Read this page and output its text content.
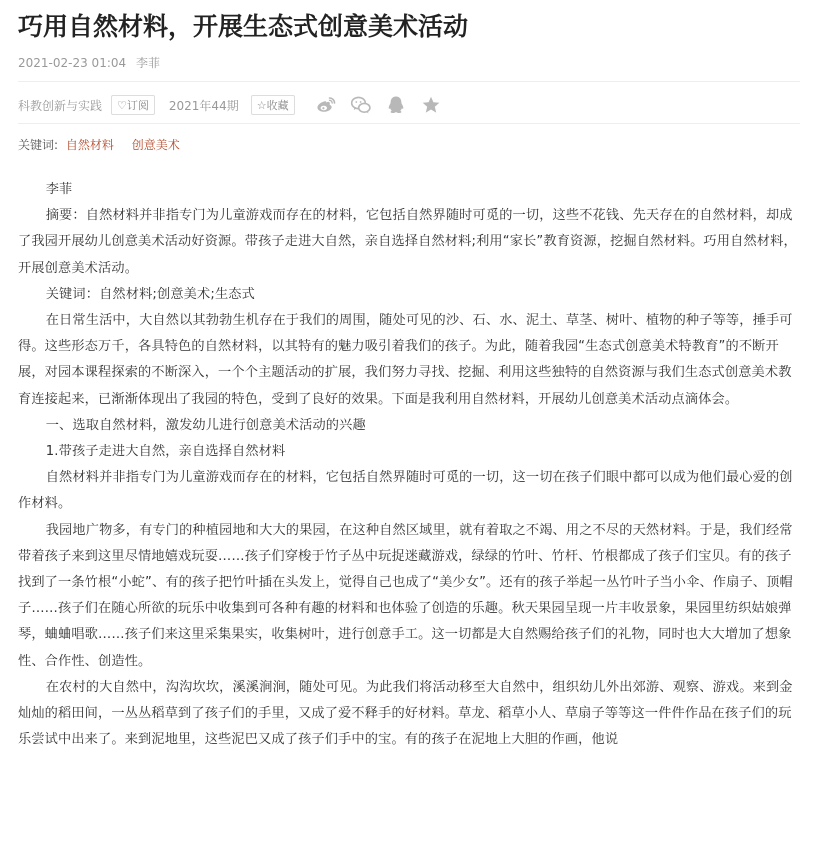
巧用自然材料，开展生态式创意美术活动
2021-02-23 01:04 李菲
科教创新与实践	♡订阅	2021年44期	☆收藏
关键词: 自然材料 创意美术

李菲

摘要：自然材料并非指专门为儿童游戏而存在的材料，它包括自然界随时可觅的一切，这些不花钱、先天存在的自然材料，却成了我园开展幼儿创意美术活动好资源。带孩子走进大自然，亲自选择自然材料;利用“家长”教育资源，挖掘自然材料。巧用自然材料，开展创意美术活动。

关键词：自然材料;创意美术;生态式

在日常生活中，大自然以其勃勃生机存在于我们的周围，随处可见的沙、石、水、泥土、草茎、树叶、植物的种子等等，捶手可得。这些形态万千，各具特色的自然材料，以其特有的魅力吸引着我们的孩子。为此，随着我园“生态式创意美术特教育”的不断开展，对园本课程探索的不断深入，一个个主题活动的扩展，我们努力寻找、挖掘、利用这些独特的自然资源与我们生态式创意美术教育连接起来，已渐渐体现出了我园的特色，受到了良好的效果。下面是我利用自然材料，开展幼儿创意美术活动点滴体会。

一、选取自然材料，激发幼儿进行创意美术活动的兴趣

1.带孩子走进大自然，亲自选择自然材料

自然材料并非指专门为儿童游戏而存在的材料，它包括自然界随时可觅的一切，这一切在孩子们眼中都可以成为他们最心爱的创作材料。

我园地广物多，有专门的种植园地和大大的果园，在这种自然区域里，就有着取之不竭、用之不尽的天然材料。于是，我们经常带着孩子来到这里尽情地嬉戏玩耍……孩子们穿梭于竹子丛中玩捉迷藏游戏，绿绿的竹叶、竹杆、竹根都成了孩子们宝贝。有的孩子找到了一条竹根“小蛇”、有的孩子把竹叶插在头发上，觉得自己也成了“美少女”。还有的孩子举起一丛竹叶子当小伞、作扇子、顶帽子……孩子们在随心所欲的玩乐中收集到可各种有趣的材料和也体验了创造的乐趣。秋天果园呈现一片丰收景象，果园里纺织姑娘弹琴，蛐蛐唱歌……孩子们来这里采集果实，收集树叶，进行创意手工。这一切都是大自然赐给孩子们的礼物，同时也大大增加了想象性、合作性、创造性。

在农村的大自然中，沟沟坎坎，溪溪涧涧，随处可见。为此我们将活动移至大自然中，组织幼儿外出郊游、观察、游戏。来到金灿灿的稻田间，一丛丛稻草到了孩子们的手里，又成了爱不释手的好材料。草龙、稻草小人、草扇子等等这一件件作品在孩子们的玩乐尝试中出来了。来到泥地里，这些泥巴又成了孩子们手中的宝。有的孩子在泥地上大胆的作画，他说
